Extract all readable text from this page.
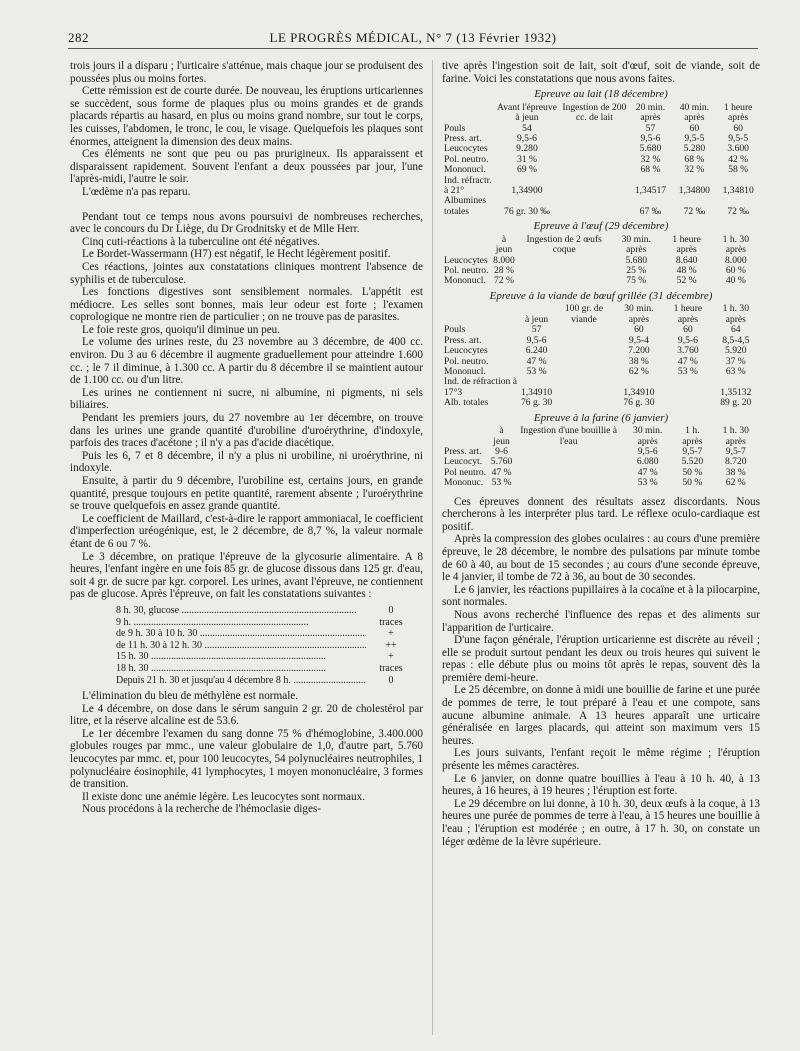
282	LE PROGRÈS MÉDICAL, N° 7 (13 Février 1932)

trois jours il a disparu ; l'urticaire s'atténue, mais chaque jour se produisent des poussées plus ou moins fortes.

Cette rémission est de courte durée. De nouveau, les éruptions urticariennes se succèdent, sous forme de plaques plus ou moins grandes et de grands placards répartis au hasard, en plus ou moins grand nombre, sur tout le corps, les cuisses, l'abdomen, le tronc, le cou, le visage. Quelquefois les plaques sont énormes, atteignent la dimension des deux mains.

Ces éléments ne sont que peu ou pas prurigineux. Ils apparaissent et disparaissent rapidement. Souvent l'enfant a deux poussées par jour, l'une l'après-midi, l'autre le soir.

L'œdème n'a pas reparu.

Pendant tout ce temps nous avons poursuivi de nombreuses recherches, avec le concours du Dr Liège, du Dr Grodnitsky et de Mlle Herr.

Cinq cuti-réactions à la tuberculine ont été négatives.

Le Bordet-Wassermann (H7) est négatif, le Hecht légèrement positif.

Ces réactions, jointes aux constatations cliniques montrent l'absence de syphilis et de tuberculose.

Les fonctions digestives sont sensiblement normales. L'appétit est médiocre. Les selles sont bonnes, mais leur odeur est forte ; l'examen coprologique ne montre rien de particulier ; on ne trouve pas de parasites.

Le foie reste gros, quoiqu'il diminue un peu.

Le volume des urines reste, du 23 novembre au 3 décembre, de 400 cc. environ. Du 3 au 6 décembre il augmente graduellement pour atteindre 1.600 cc. ; le 7 il diminue, à 1.300 cc. A partir du 8 décembre il se maintient autour de 1.100 cc. ou d'un litre.

Les urines ne contiennent ni sucre, ni albumine, ni pigments, ni sels biliaires.

Pendant les premiers jours, du 27 novembre au 1er décembre, on trouve dans les urines une grande quantité d'urobiline d'uroérythrine, d'indoxyle, parfois des traces d'acétone ; il n'y a pas d'acide diacétique.

Puis les 6, 7 et 8 décembre, il n'y a plus ni urobiline, ni uroérythrine, ni indoxyle.

Ensuite, à partir du 9 décembre, l'urobiline est, certains jours, en grande quantité, presque toujours en petite quantité, rarement absente ; l'uroérythrine se trouve quelquefois en assez grande quantité.

Le coefficient de Maillard, c'est-à-dire le rapport ammoniacal, le coefficient d'imperfection uréogénique, est, le 2 décembre, de 8,7 %, la valeur normale étant de 6 ou 7 %.

Le 3 décembre, on pratique l'épreuve de la glycosurie alimentaire. A 8 heures, l'enfant ingère en une fois 85 gr. de glucose dissous dans 125 gr. d'eau, soit 4 gr. de sucre par kgr. corporel. Les urines, avant l'épreuve, ne contiennent pas de glucose. Après l'épreuve, on fait les constatations suivantes :

8 h. 30, glucose .....	0
9 h. .....	traces
de 9 h. 30 à 10 h. 30 .....	+
de 11 h. 30 à 12 h. 30 .....	++
15 h. 30 .....	+
18 h. 30 .....	traces
Depuis 21 h. 30 et jusqu'au 4 décembre 8 h. .....	0

L'élimination du bleu de méthylène est normale.

Le 4 décembre, on dose dans le sérum sanguin 2 gr. 20 de cholestérol par litre, et la réserve alcaline est de 53.6.

Le 1er décembre l'examen du sang donne 75 % d'hémoglobine, 3.400.000 globules rouges par mmc., une valeur globulaire de 1,0, d'autre part, 5.760 leucocytes par mmc. et, pour 100 leucocytes, 54 polynucléaires neutrophiles, 1 polynucléaire éosinophile, 41 lymphocytes, 1 moyen mononucléaire, 3 formes de transition.

Il existe donc une anémie légère. Les leucocytes sont normaux.

Nous procédons à la recherche de l'hémoclasie diges-

tive après l'ingestion soit de lait, soit d'œuf, soit de viande, soit de farine. Voici les constatations que nous avons faites.

Epreuve au lait (18 décembre)
	Avant l'épreuve à jeun	Ingestion de 200 cc. de lait	20 min. après	40 min. après	1 heure après
Pouls	54		57	60	60
Press. art.	9,5-6		9,5-6	9,5-5	9,5-5
Leucocytes	9.280		5.680	5.280	3.600
Pol. neutro.	31 %		32 %	68 %	42 %
Mononucl.	69 %		68 %	32 %	58 %
Ind. réfractr.					
à 21°	1,34900		1,34517	1,34800	1,34810
Albumines					
totales	76 gr. 30 ‰		67 ‰	72 ‰	72 ‰
Epreuve à l'œuf (29 décembre)
	à jeun	Ingestion de 2 œufs coque	30 min. après	1 heure après	1 h. 30 après
Leucocytes	8.000		5.680	8.640	8.000
Pol. neutro.	28 %		25 %	48 %	60 %
Mononucl.	72 %		75 %	52 %	40 %
Epreuve à la viande de bœuf grillée (31 décembre)
	à jeun	100 gr. de viande	30 min. après	1 heure après	1 h. 30 après
Pouls	57		60	60	64
Press. art.	9,5-6		9,5-4	9,5-6	8,5-4,5
Leucocytes	6.240		7.200	3.760	5.920
Pol. neutro.	47 %		38 %	47 %	37 %
Mononucl.	53 %		62 %	53 %	63 %
Ind. de réfraction à					
17°3	1,34910		1,34910		1,35132
Alb. totales	76 g. 30		76 g. 30		89 g. 20
Epreuve à la farine (6 janvier)
	à jeun	Ingestion d'une bouillie à l'eau	30 min. après	1 h. après	1 h. 30 après
Press. art.	9-6		9,5-6	9,5-7	9,5-7
Leucocyt.	5.760		6.080	5.520	8.720
Pol neutro.	47 %		47 %	50 %	38 %
Mononuc.	53 %		53 %	50 %	62 %

Ces épreuves donnent des résultats assez discordants. Nous chercherons à les interpréter plus tard. Le réflexe oculo-cardiaque est positif.

Après la compression des globes oculaires : au cours d'une première épreuve, le 28 décembre, le nombre des pulsations par minute tombe de 60 à 40, au bout de 15 secondes ; au cours d'une seconde épreuve, le 4 janvier, il tombe de 72 à 36, au bout de 30 secondes.

Le 6 janvier, les réactions pupillaires à la cocaïne et à la pilocarpine, sont normales.

Nous avons recherché l'influence des repas et des aliments sur l'apparition de l'urticaire.

D'une façon générale, l'éruption urticarienne est discrète au réveil ; elle se produit surtout pendant les deux ou trois heures qui suivent le repas : elle débute plus ou moins tôt après le repas, souvent dès la première demi-heure.

Le 25 décembre, on donne à midi une bouillie de farine et une purée de pommes de terre, le tout préparé à l'eau et une compote, sans aucune albumine animale. A 13 heures apparaît une urticaire généralisée en larges placards, qui atteint son maximum vers 15 heures.

Les jours suivants, l'enfant reçoit le même régime ; l'éruption présente les mêmes caractères.

Le 6 janvier, on donne quatre bouillies à l'eau à 10 h. 40, à 13 heures, à 16 heures, à 19 heures ; l'éruption est forte.

Le 29 décembre on lui donne, à 10 h. 30, deux œufs à la coque, à 13 heures une purée de pommes de terre à l'eau, à 15 heures une bouillie à l'eau ; l'éruption est modérée ; en outre, à 17 h. 30, on constate un léger œdème de la lèvre supérieure.
